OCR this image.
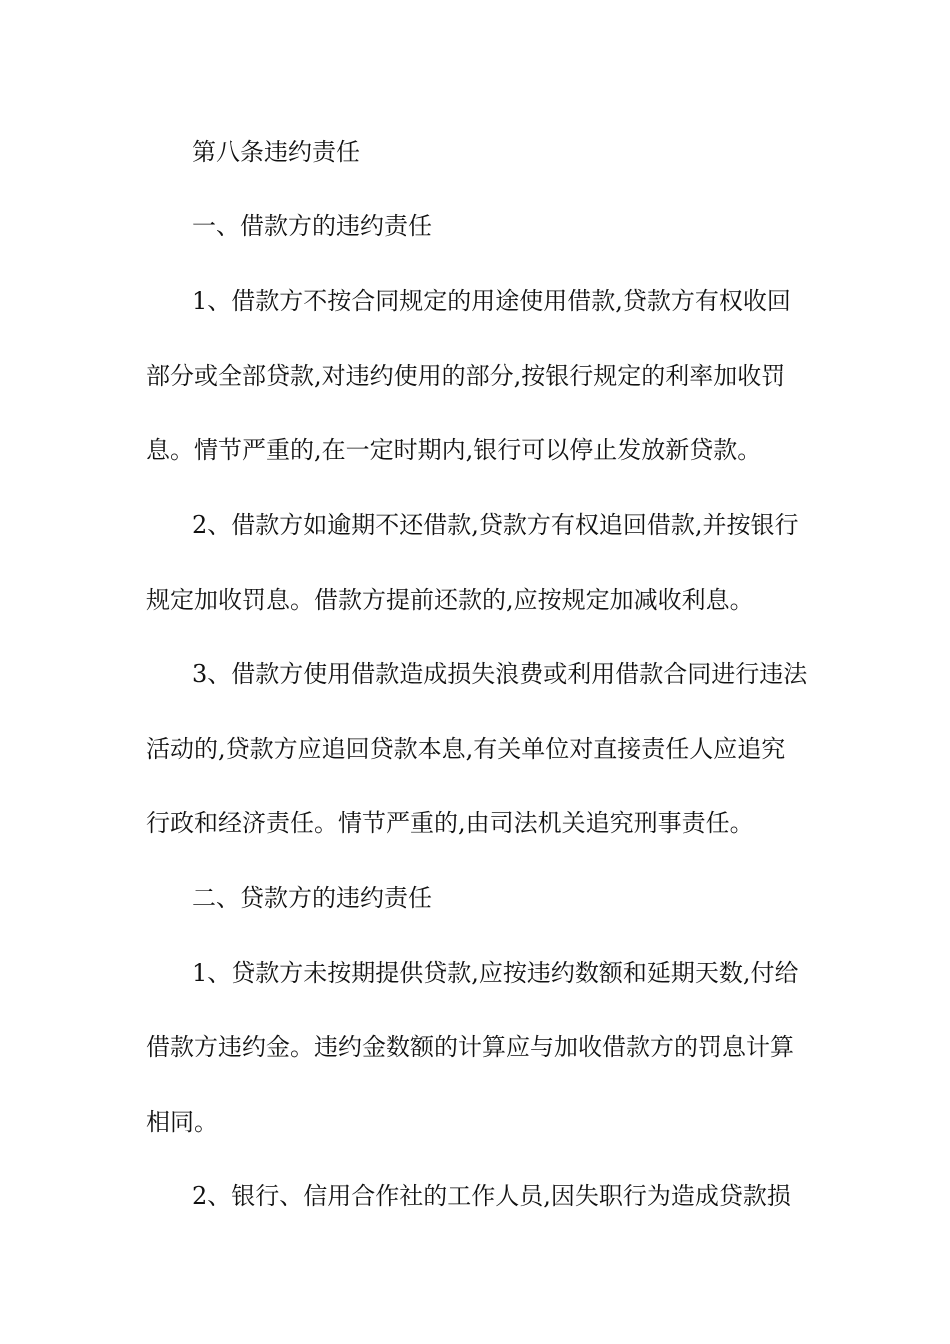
第八条违约责任
一、借款方的违约责任
1、借款方不按合同规定的用途使用借款,贷款方有权收回
部分或全部贷款,对违约使用的部分,按银行规定的利率加收罚
息。情节严重的,在一定时期内,银行可以停止发放新贷款。
2、借款方如逾期不还借款,贷款方有权追回借款,并按银行
规定加收罚息。借款方提前还款的,应按规定加减收利息。
3、借款方使用借款造成损失浪费或利用借款合同进行违法
活动的,贷款方应追回贷款本息,有关单位对直接责任人应追究
行政和经济责任。情节严重的,由司法机关追究刑事责任。
二、贷款方的违约责任
1、贷款方未按期提供贷款,应按违约数额和延期天数,付给
借款方违约金。违约金数额的计算应与加收借款方的罚息计算
相同。
2、银行、信用合作社的工作人员,因失职行为造成贷款损
